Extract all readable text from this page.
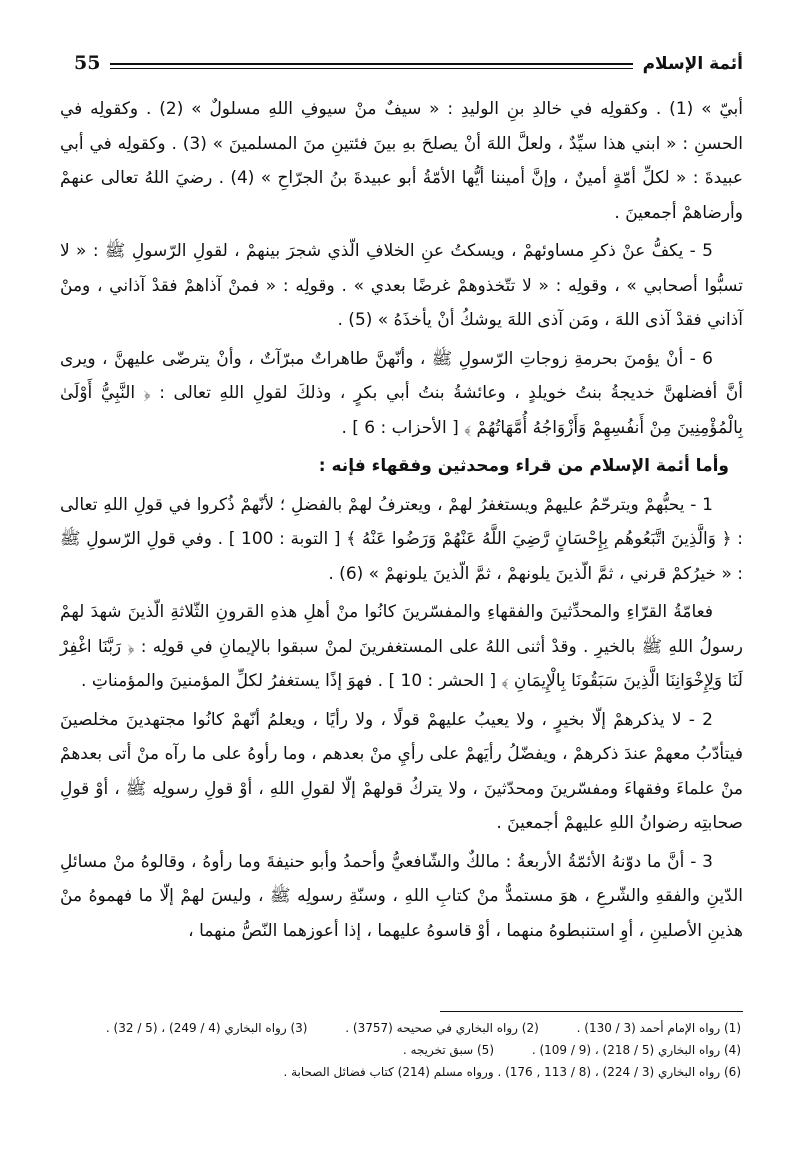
55	أئمة الإسلام

أبيّ » (1) . وكقولِه في خالدِ بنِ الوليدِ : « سيفٌ منْ سيوفِ اللهِ مسلولٌ » (2) . وكقولِه في الحسنِ : « ابني هذا سيِّدٌ ، ولعلَّ اللهَ أنْ يصلحَ بهِ بينَ فئتينِ منَ المسلمينَ » (3) . وكقولِه في أبي عبيدةَ : « لكلِّ أمّةٍ أمينٌ ، وإنَّ أميننا أيُّها الأمّةُ أبو عبيدةَ بنُ الجرّاحِ » (4) . رضيَ اللهُ تعالى عنهمْ وأرضاهمْ أجمعينَ .

5 - يكفُّ عنْ ذكرِ مساوئهمْ ، ويسكتُ عنِ الخلافِ الّذي شجرَ بينهمْ ، لقولِ الرّسولِ ﷺ : « لا تسبُّوا أصحابي » ، وقولِه : « لا تتّخذوهمْ غرضًا بعدي » . وقولِه : « فمنْ آذاهمْ فقدْ آذاني ، ومنْ آذاني فقدْ آذى اللهَ ، ومَن آذى اللهَ يوشكُ أنْ يأخذَهُ » (5) .

6 - أنْ يؤمنَ بحرمةِ زوجاتِ الرّسولِ ﷺ ، وأنّهنَّ طاهراتٌ مبرّآتٌ ، وأنْ يترضّى عليهنَّ ، ويرى أنَّ أفضلهنَّ خديجةُ بنتُ خويلدٍ ، وعائشةُ بنتُ أبي بكرٍ ، وذلكَ لقولِ اللهِ تعالى : ﴿ النَّبِيُّ أَوْلَىٰ بِالْمُؤْمِنِينَ مِنْ أَنفُسِهِمْ وَأَزْوَاجُهُ أُمَّهَاتُهُمْ ﴾ [ الأحزاب : 6 ] .

وأما أئمة الإسلام من قراء ومحدثين وفقهاء فإنه :

1 - يحبُّهمْ ويترحّمُ عليهمْ ويستغفرُ لهمْ ، ويعترفُ لهمْ بالفضلِ ؛ لأنّهمْ ذُكروا في قولِ اللهِ تعالى : ﴿ وَالَّذِينَ اتَّبَعُوهُم بِإِحْسَانٍ رَّضِيَ اللَّهُ عَنْهُمْ وَرَضُوا عَنْهُ ﴾ [ التوبة : 100 ] . وفي قولِ الرّسولِ ﷺ : « خيرُكمْ قرني ، ثمَّ الّذينَ يلونهمْ ، ثمَّ الّذينَ يلونهمْ » (6) .

فعامّةُ القرّاءِ والمحدِّثينَ والفقهاءِ والمفسّرينَ كانُوا منْ أهلِ هذهِ القرونِ الثّلاثةِ الّذينَ شهدَ لهمْ رسولُ اللهِ ﷺ بالخيرِ . وقدْ أثنى اللهُ على المستغفرينَ لمنْ سبقوا بالإيمانِ في قولِه : ﴿ رَبَّنَا اغْفِرْ لَنَا وَلِإِخْوَانِنَا الَّذِينَ سَبَقُونَا بِالْإِيمَانِ ﴾ [ الحشر : 10 ] . فهوَ إذًا يستغفرُ لكلِّ المؤمنينَ والمؤمناتِ .

2 - لا يذكرهمْ إلّا بخيرٍ ، ولا يعيبُ عليهمْ قولًا ، ولا رأيًا ، ويعلمُ أنّهمْ كانُوا مجتهدينَ مخلصينَ فيتأدّبُ معهمْ عندَ ذكرهمْ ، ويفضّلُ رأيَهمْ على رأيِ منْ بعدهم ، وما رأوهُ على ما رآه منْ أتى بعدهمْ منْ علماءَ وفقهاءَ ومفسّرينَ ومحدّثينَ ، ولا يتركُ قولهمْ إلّا لقولِ اللهِ ، أوْ قولِ رسولِه ﷺ ، أوْ قولِ صحابتِه رضوانُ اللهِ عليهمْ أجمعينَ .

3 - أنَّ ما دوّنهُ الأئمّةُ الأربعةُ : مالكٌ والشّافعيُّ وأحمدُ وأبو حنيفةَ وما رأوهُ ، وقالوهُ منْ مسائلِ الدّينِ والفقهِ والشّرعِ ، هوَ مستمدٌّ منْ كتابِ اللهِ ، وسنّةِ رسولِه ﷺ ، وليسَ لهمْ إلّا ما فهموهُ منْ هذينِ الأصلينِ ، أوِ استنبطوهُ منهما ، أوْ قاسوهُ عليهما ، إذا أعوزهما النّصُّ منهما ،

(1) رواه الإمام أحمد (3 / 130) . (2) رواه البخاري في صحيحه (3757) . (3) رواه البخاري (4 / 249) ، (5 / 32) .
(4) رواه البخاري (5 / 218) ، (9 / 109) . (5) سبق تخريجه .
(6) رواه البخاري (3 / 224) ، (8 / 113 , 176) . ورواه مسلم (214) كتاب فضائل الصحابة .
